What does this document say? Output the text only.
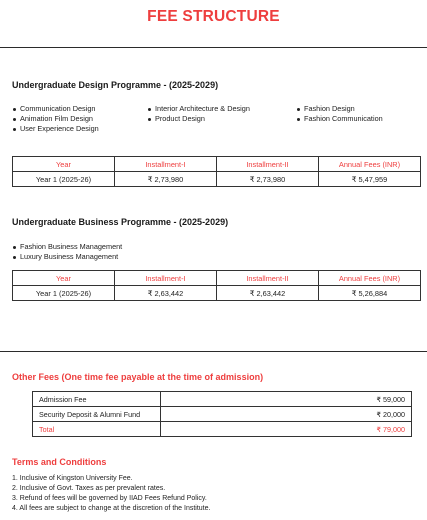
FEE STRUCTURE
Undergraduate Design Programme - (2025-2029)
Communication Design
Animation Film Design
User Experience Design
Interior Architecture & Design
Product Design
Fashion Design
Fashion Communication
Year	Installment-I	Installment-II	Annual Fees (INR)
Year 1 (2025-26)	₹ 2,73,980	₹ 2,73,980	₹ 5,47,959
Undergraduate Business Programme - (2025-2029)
Fashion Business Management
Luxury Business Management
Year	Installment-I	Installment-II	Annual Fees (INR)
Year 1 (2025-26)	₹ 2,63,442	₹ 2,63,442	₹ 5,26,884
Other Fees (One time fee payable at the time of admission)
Admission Fee	₹ 59,000
Security Deposit & Alumni Fund	₹ 20,000
Total	₹ 79,000
Terms and Conditions
1. Inclusive of Kingston University Fee.
2. Inclusive of Govt. Taxes as per prevalent rates.
3. Refund of fees will be governed by IIAD Fees Refund Policy.
4. All fees are subject to change at the discretion of the Institute.
